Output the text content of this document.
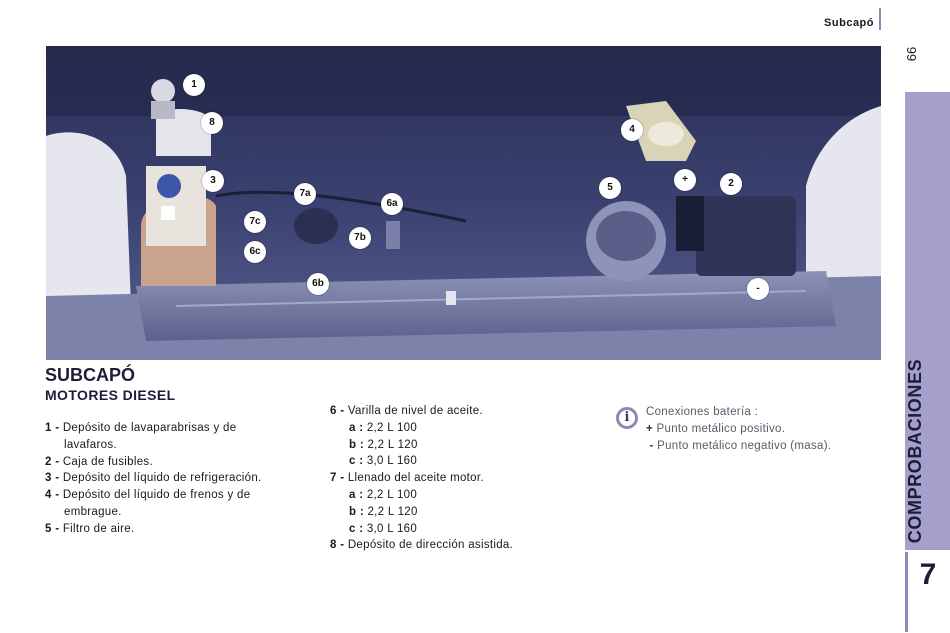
Subcapó
99
COMPROBACIONES
7
1
8
3
7c
6c
7a
6a
7b
6b
4
5
+	2
-
SUBCAPÓ
MOTORES DIESEL
1 - Depósito de lavaparabrisas y de
lavafaros.
2 - Caja de fusibles.
3 - Depósito del líquido de refrigeración.
4 - Depósito del líquido de frenos y de
embrague.
5 - Filtro de aire.
6 - Varilla de nivel de aceite.
a : 2,2 L 100
b : 2,2 L 120
c : 3,0 L 160
7 - Llenado del aceite motor.
a : 2,2 L 100
b : 2,2 L 120
c : 3,0 L 160
8 - Depósito de dirección asistida.
i	Conexiones batería :
+ Punto metálico positivo.
- Punto metálico negativo (masa).
